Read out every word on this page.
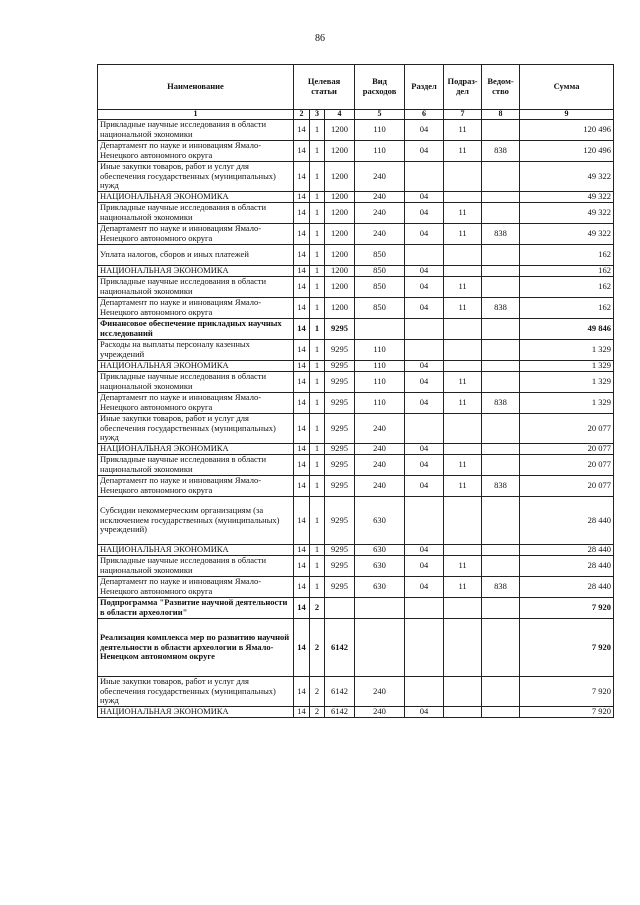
86
Наименование	Целевая статьи			Вид расходов	Раздел	Подраз-дел	Ведом-ство	Сумма
1	2	3	4	5	6	7	8	9
Прикладные научные исследования в области национальной экономики	14	1	1200	110	04	11		120 496
Департамент по науке и инновациям Ямало-Ненецкого автономного округа	14	1	1200	110	04	11	838	120 496
Иные закупки товаров, работ и услуг для обеспечения государственных (муниципальных) нужд	14	1	1200	240				49 322
НАЦИОНАЛЬНАЯ ЭКОНОМИКА	14	1	1200	240	04			49 322
Прикладные научные исследования в области национальной экономики	14	1	1200	240	04	11		49 322
Департамент по науке и инновациям Ямало-Ненецкого автономного округа	14	1	1200	240	04	11	838	49 322
Уплата налогов, сборов и иных платежей	14	1	1200	850				162
НАЦИОНАЛЬНАЯ ЭКОНОМИКА	14	1	1200	850	04			162
Прикладные научные исследования в области национальной экономики	14	1	1200	850	04	11		162
Департамент по науке и инновациям Ямало-Ненецкого автономного округа	14	1	1200	850	04	11	838	162
Финансовое обеспечение прикладных научных исследований	14	1	9295					49 846
Расходы на выплаты персоналу казенных учреждений	14	1	9295	110				1 329
НАЦИОНАЛЬНАЯ ЭКОНОМИКА	14	1	9295	110	04			1 329
Прикладные научные исследования в области национальной экономики	14	1	9295	110	04	11		1 329
Департамент по науке и инновациям Ямало-Ненецкого автономного округа	14	1	9295	110	04	11	838	1 329
Иные закупки товаров, работ и услуг для обеспечения государственных (муниципальных) нужд	14	1	9295	240				20 077
НАЦИОНАЛЬНАЯ ЭКОНОМИКА	14	1	9295	240	04			20 077
Прикладные научные исследования в области национальной экономики	14	1	9295	240	04	11		20 077
Департамент по науке и инновациям Ямало-Ненецкого автономного округа	14	1	9295	240	04	11	838	20 077
Субсидии некоммерческим организациям (за исключением государственных (муниципальных) учреждений)	14	1	9295	630				28 440
НАЦИОНАЛЬНАЯ ЭКОНОМИКА	14	1	9295	630	04			28 440
Прикладные научные исследования в области национальной экономики	14	1	9295	630	04	11		28 440
Департамент по науке и инновациям Ямало-Ненецкого автономного округа	14	1	9295	630	04	11	838	28 440
Подпрограмма "Развитие научной деятельности в области археологии"	14	2						7 920
Реализация комплекса мер по развитию научной деятельности в области археологии в Ямало-Ненецком автономном округе	14	2	6142					7 920
Иные закупки товаров, работ и услуг для обеспечения государственных (муниципальных) нужд	14	2	6142	240				7 920
НАЦИОНАЛЬНАЯ ЭКОНОМИКА	14	2	6142	240	04			7 920
